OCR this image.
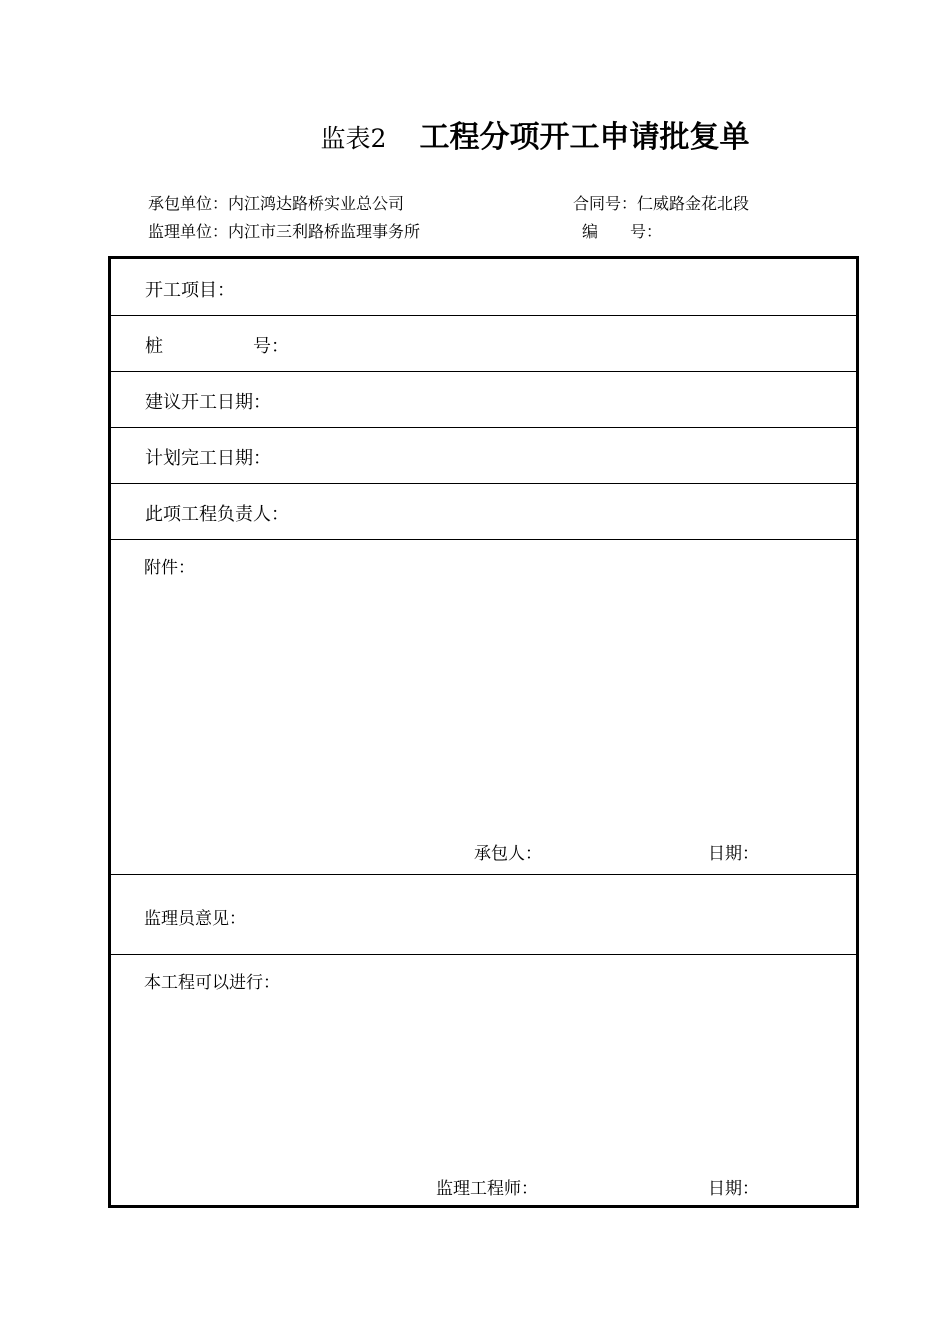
监表2 工程分项开工申请批复单
承包单位：内江鸿达路桥实业总公司	合同号：仁威路金花北段
监理单位：内江市三利路桥监理事务所	编　　号：
开工项目：
桩　　　　　号：
建议开工日期：
计划完工日期：
此项工程负责人：
附件：
承包人：	日期：
监理员意见：
本工程可以进行：
监理工程师：	日期：
